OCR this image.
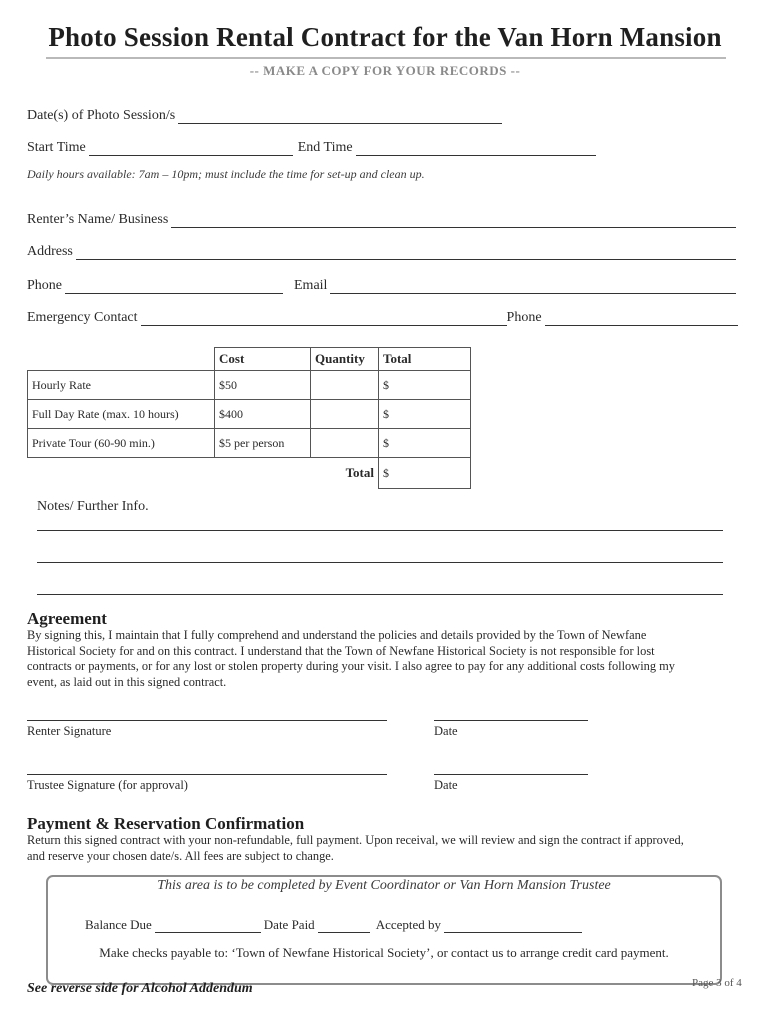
Photo Session Rental Contract for the Van Horn Mansion
-- MAKE A COPY FOR YOUR RECORDS --
Date(s) of Photo Session/s
Start Time	End Time
Daily hours available: 7am – 10pm; must include the time for set-up and clean up.
Renter’s Name/ Business
Address
Phone	Email
Emergency Contact	Phone
	Cost	Quantity	Total
Hourly Rate	$50		$
Full Day Rate (max. 10 hours)	$400		$
Private Tour (60-90 min.)	$5 per person		$
		Total	$
Notes/ Further Info.
Agreement
By signing this, I maintain that I fully comprehend and understand the policies and details provided by the Town of Newfane
Historical Society for and on this contract. I understand that the Town of Newfane Historical Society is not responsible for lost
contracts or payments, or for any lost or stolen property during your visit. I also agree to pay for any additional costs following my
event, as laid out in this signed contract.
Renter Signature	Date
Trustee Signature (for approval)	Date
Payment & Reservation Confirmation
Return this signed contract with your non-refundable, full payment. Upon receival, we will review and sign the contract if approved,
and reserve your chosen date/s. All fees are subject to change.
This area is to be completed by Event Coordinator or Van Horn Mansion Trustee
Balance Due	Date Paid	Accepted by
Make checks payable to: ‘Town of Newfane Historical Society’, or contact us to arrange credit card payment.
See reverse side for Alcohol Addendum	Page 3 of 4
